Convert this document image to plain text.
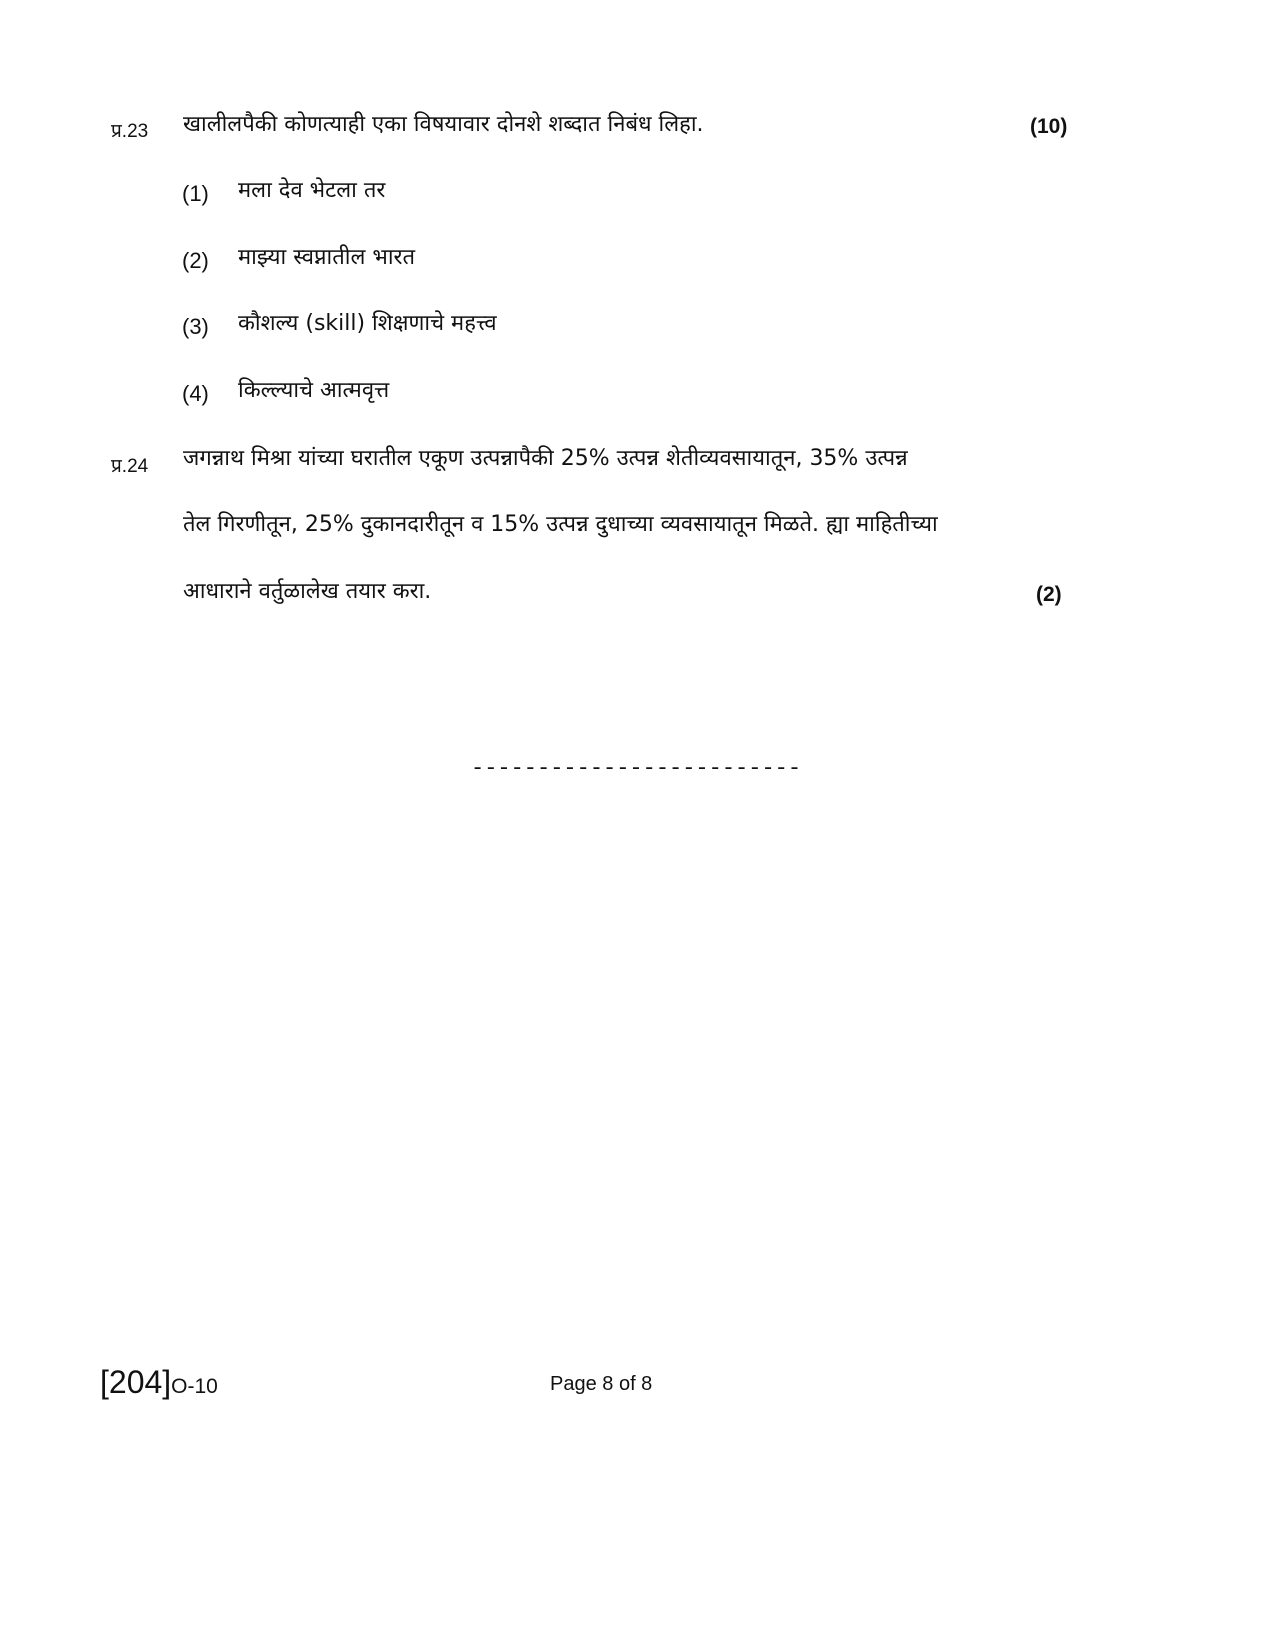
प्र.23 खालीलपैकी कोणत्याही एका विषयावार दोनशे शब्दात निबंध लिहा.	(10)
(1) मला देव भेटला तर
(2) माझ्या स्वप्नातील भारत
(3) कौशल्य (skill) शिक्षणाचे महत्त्व
(4) किल्ल्याचे आत्मवृत्त
प्र.24 जगन्नाथ मिश्रा यांच्या घरातील एकूण उत्पन्नापैकी 25% उत्पन्न शेतीव्यवसायातून, 35% उत्पन्न
तेल गिरणीतून, 25% दुकानदारीतून व 15% उत्पन्न दुधाच्या व्यवसायातून मिळते. ह्या माहितीच्या
आधाराने वर्तुळालेख तयार करा.	(2)
-------------------------
[204]O-10	Page 8 of 8
